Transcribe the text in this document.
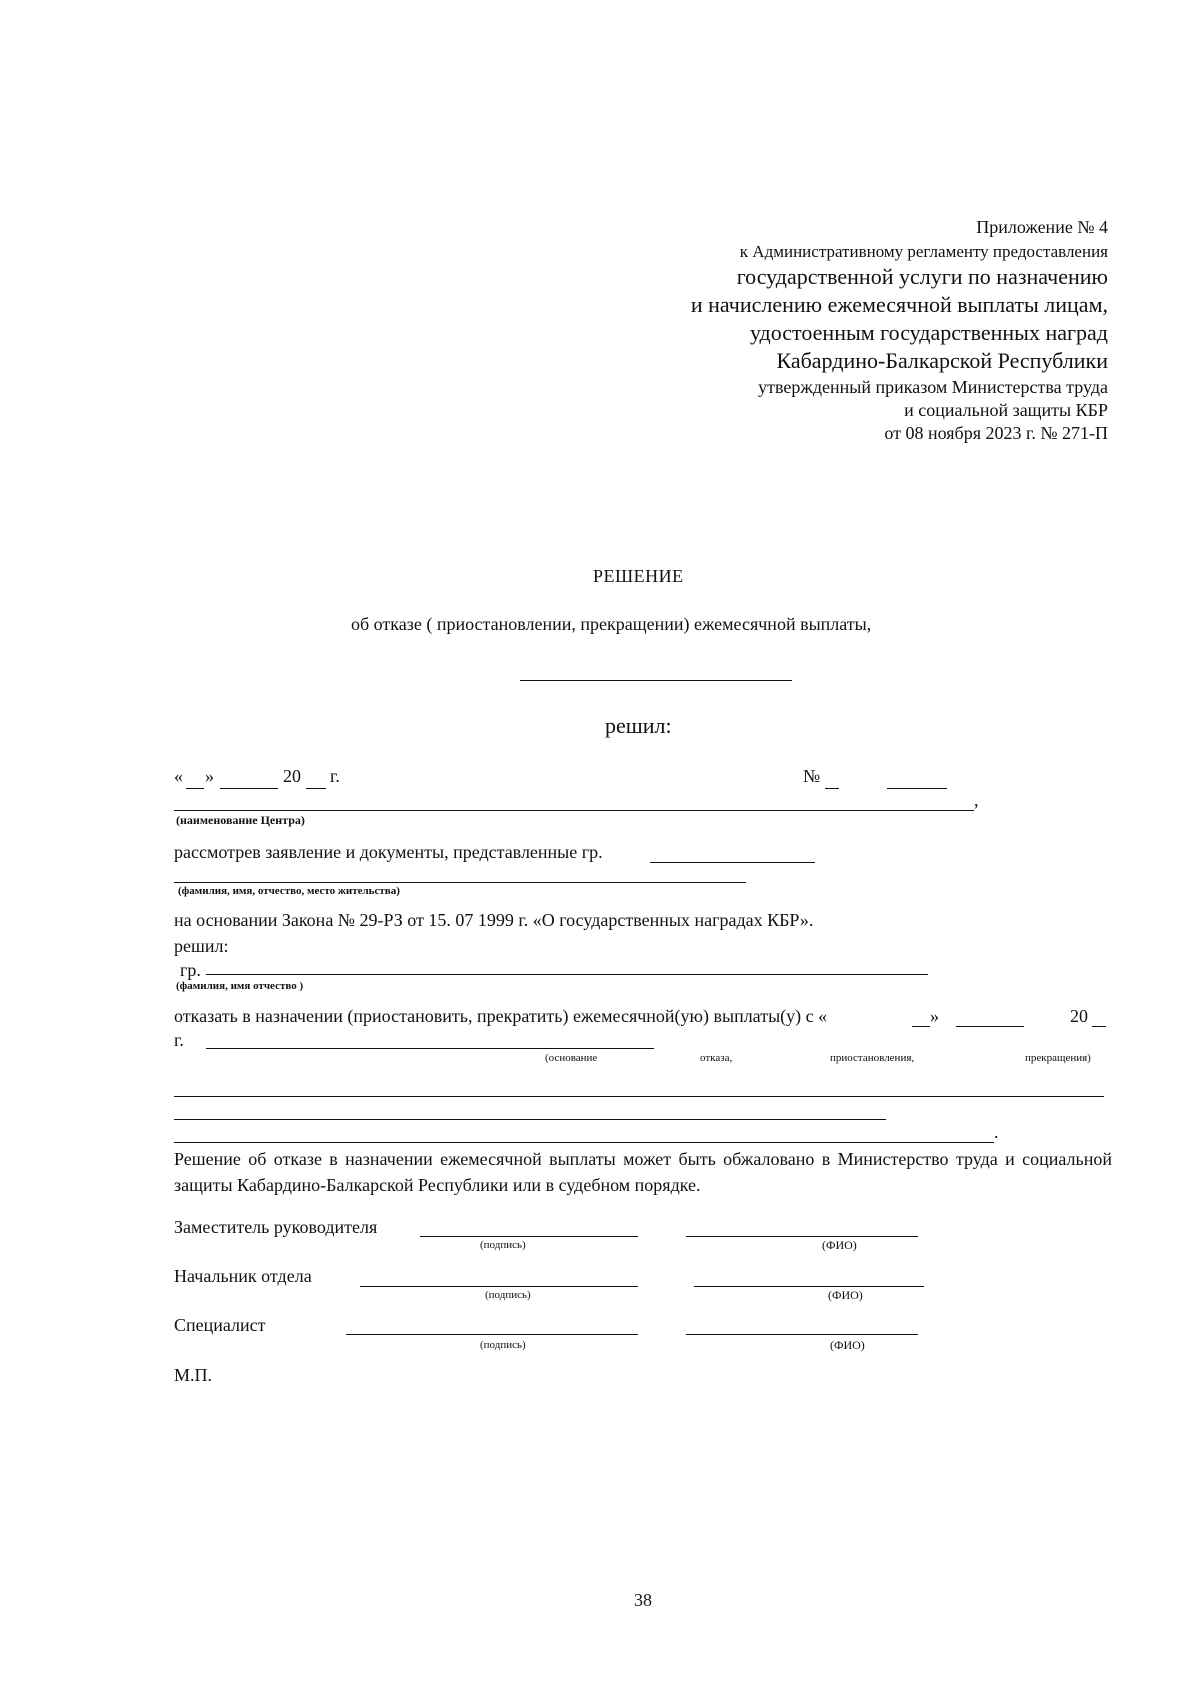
Приложение № 4
к Административному регламенту предоставления
государственной услуги по назначению
и начислению ежемесячной выплаты лицам,
удостоенным государственных наград
Кабардино-Балкарской Республики
утвержденный приказом Министерства труда
и социальной защиты КБР
от 08 ноября 2023 г. № 271-П
РЕШЕНИЕ
об отказе ( приостановлении, прекращении) ежемесячной выплаты,
решил:
« »	20 г.	№
,
(наименование Центра)
рассмотрев заявление и документы, представленные гр.
(фамилия, имя, отчество, место жительства)
на основании Закона № 29-РЗ от 15. 07 1999 г. «О государственных наградах КБР».
решил:
гр.
(фамилия, имя отчество )
отказать в назначении (приостановить, прекратить) ежемесячной(ую) выплаты(у) с «	»	20
г.
(основание	отказа,	приостановления,	прекращения)
.
Решение об отказе в назначении ежемесячной выплаты может быть обжаловано в Министерство труда и социальной защиты Кабардино-Балкарской Республики или в судебном порядке.
Заместитель руководителя
(подпись)	(ФИО)
Начальник отдела
(подпись)	(ФИО)
Специалист
(подпись)	(ФИО)
М.П.
38
